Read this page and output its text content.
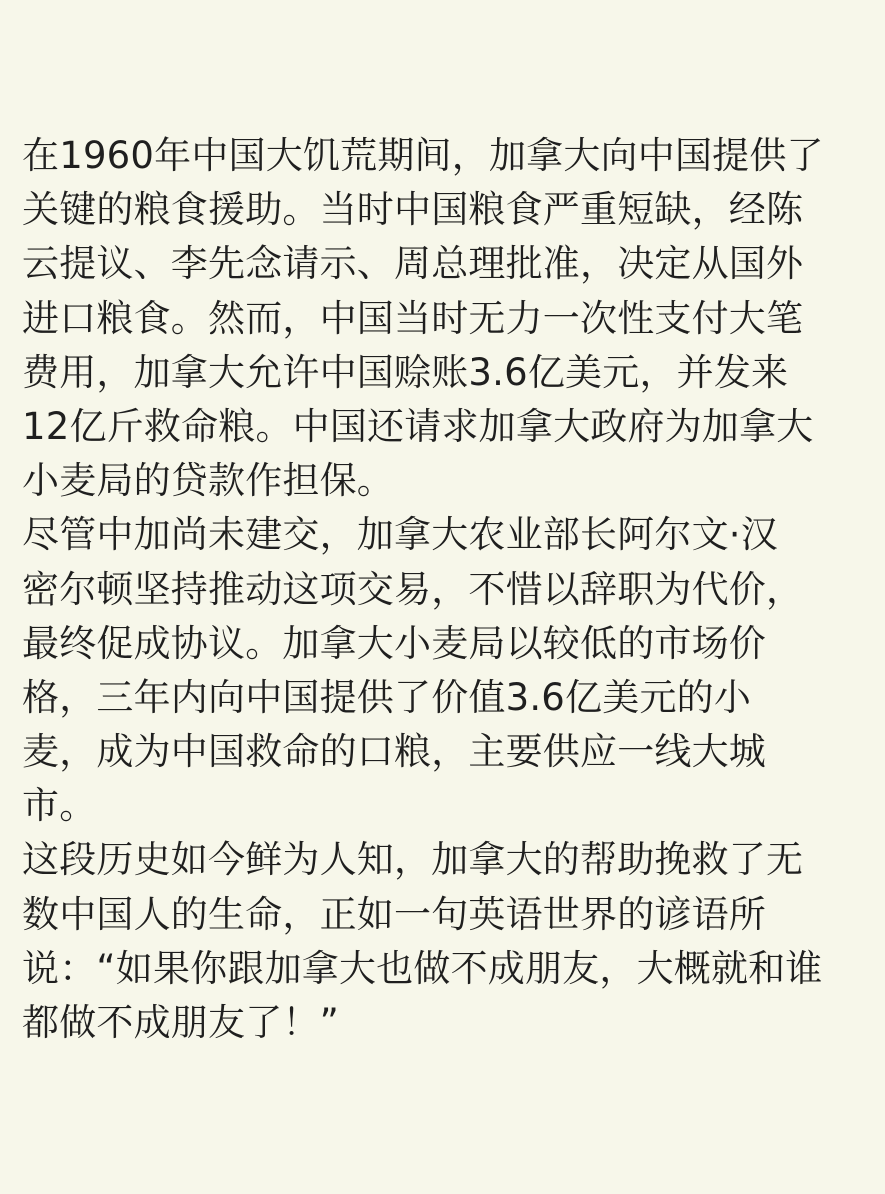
在1960年中国大饥荒期间，加拿大向中国提供了
关键的粮食援助。当时中国粮食严重短缺，经陈
云提议、李先念请示、周总理批准，决定从国外
进口粮食。然而，中国当时无力一次性支付大笔
费用，加拿大允许中国赊账3.6亿美元，并发来
12亿斤救命粮。中国还请求加拿大政府为加拿大
小麦局的贷款作担保。
尽管中加尚未建交，加拿大农业部长阿尔文·汉
密尔顿坚持推动这项交易，不惜以辞职为代价，
最终促成协议。加拿大小麦局以较低的市场价
格，三年内向中国提供了价值3.6亿美元的小
麦，成为中国救命的口粮，主要供应一线大城
市。
这段历史如今鲜为人知，加拿大的帮助挽救了无
数中国人的生命，正如一句英语世界的谚语所
说：“如果你跟加拿大也做不成朋友，大概就和谁
都做不成朋友了！”
